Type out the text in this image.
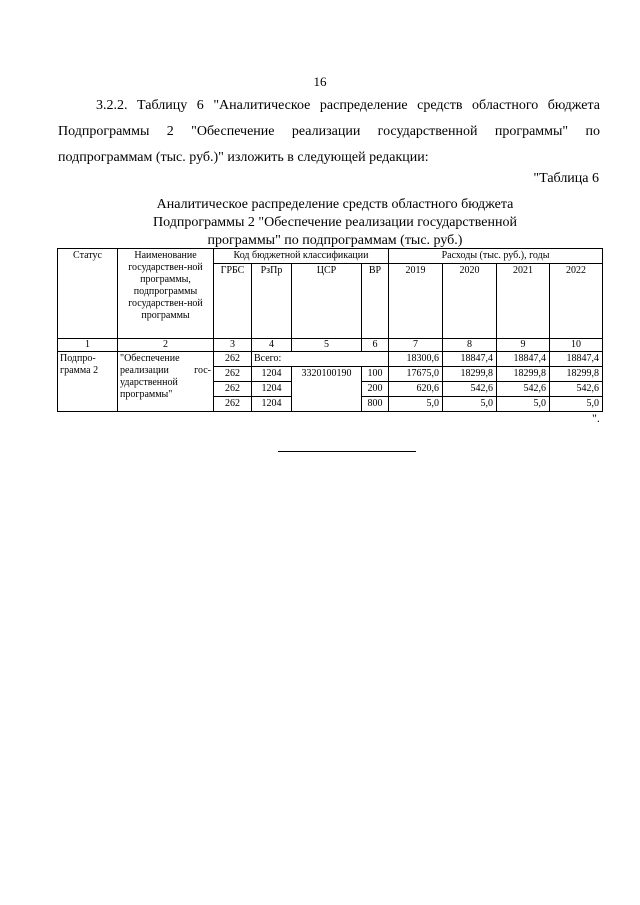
16

3.2.2. Таблицу 6 "Аналитическое распределение средств областного бюджета Подпрограммы 2 "Обеспечение реализации государственной программы" по подпрограммам (тыс. руб.)" изложить в следующей редакции:

"Таблица 6
Аналитическое распределение средств областного бюджета Подпрограммы 2 "Обеспечение реализации государственной программы" по подпрограммам (тыс. руб.)
Статус	Наименование государствен-ной программы, подпрограммы государствен-ной программы	Код бюджетной классификации				Расходы (тыс. руб.), годы			
		ГРБС	РзПр	ЦСР	ВР	2019	2020	2021	2022
1	2	3	4	5	6	7	8	9	10
Подпро-грамма 2	"Обеспечение реализации гос-ударственной программы"	262	Всего:			18300,6	18847,4	18847,4	18847,4
		262	1204	3320100190	100	17675,0	18299,8	18299,8	18299,8
		262	1204		200	620,6	542,6	542,6	542,6
		262	1204		800	5,0	5,0	5,0	5,0
".
